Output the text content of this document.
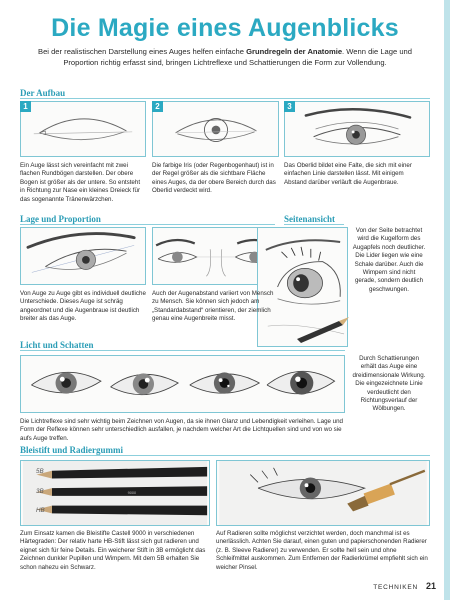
Die Magie eines Augenblicks
Bei der realistischen Darstellung eines Auges helfen einfache Grundregeln der Anatomie. Wenn die Lage und Proportion richtig erfasst sind, bringen Lichtreflexe und Schattierungen die Form zur Vollendung.
Der Aufbau
1	2	3
Ein Auge lässt sich vereinfacht mit zwei flachen Rundbögen darstellen. Der obere Bogen ist größer als der untere. So entsteht in Richtung zur Nase ein kleines Dreieck für das sogenannte Tränenwärzchen.
Die farbige Iris (oder Regenbogenhaut) ist in der Regel größer als die sichtbare Fläche eines Auges, da der obere Bereich durch das Oberlid verdeckt wird.
Das Oberlid bildet eine Falte, die sich mit einer einfachen Linie darstellen lässt. Mit einigem Abstand darüber verläuft die Augenbraue.
Lage und Proportion	Seitenansicht
Von der Seite betrachtet wird die Kugelform des Augapfels noch deutlicher. Die Lider liegen wie eine Schale darüber. Auch die Wimpern sind nicht gerade, sondern deutlich geschwungen.
Von Auge zu Auge gibt es individuell deutliche Unterschiede. Dieses Auge ist schräg angeordnet und die Augenbraue ist deutlich breiter als das Auge.
Auch der Augenabstand variiert von Mensch zu Mensch. Sie können sich jedoch am „Standardabstand“ orientieren, der ziemlich genau eine Augenbreite misst.
Licht und Schatten
Durch Schattierungen erhält das Auge eine dreidimensionale Wirkung. Die eingezeichnete Linie verdeutlicht den Richtungsverlauf der Wölbungen.
Die Lichtreflexe sind sehr wichtig beim Zeichnen von Augen, da sie ihnen Glanz und Lebendigkeit verleihen. Lage und Form der Reflexe können sehr unterschiedlich ausfallen, je nachdem welcher Art die Lichtquellen sind und von wo sie aufs Auge treffen.
Bleistift und Radiergummi
9000
5B
3B
HB
Zum Einsatz kamen die Bleistifte Castell 9000 in verschiedenen Härtegraden: Der relativ harte HB-Stift lässt sich gut radieren und eignet sich für feine Details. Ein weicherer Stift in 3B ermöglicht das Zeichnen dunkler Pupillen und Wimpern. Mit dem 5B erhalten Sie schon nahezu ein Schwarz.
Auf Radieren sollte möglichst verzichtet werden, doch manchmal ist es unerlässlich. Achten Sie darauf, einen guten und papierschonenden Radierer (z. B. Sleeve Radierer) zu verwenden. Er sollte hell sein und ohne Schleifmittel auskommen. Zum Entfernen der Radierkrümel empfiehlt sich ein weicher Pinsel.
TECHNIKEN 21
